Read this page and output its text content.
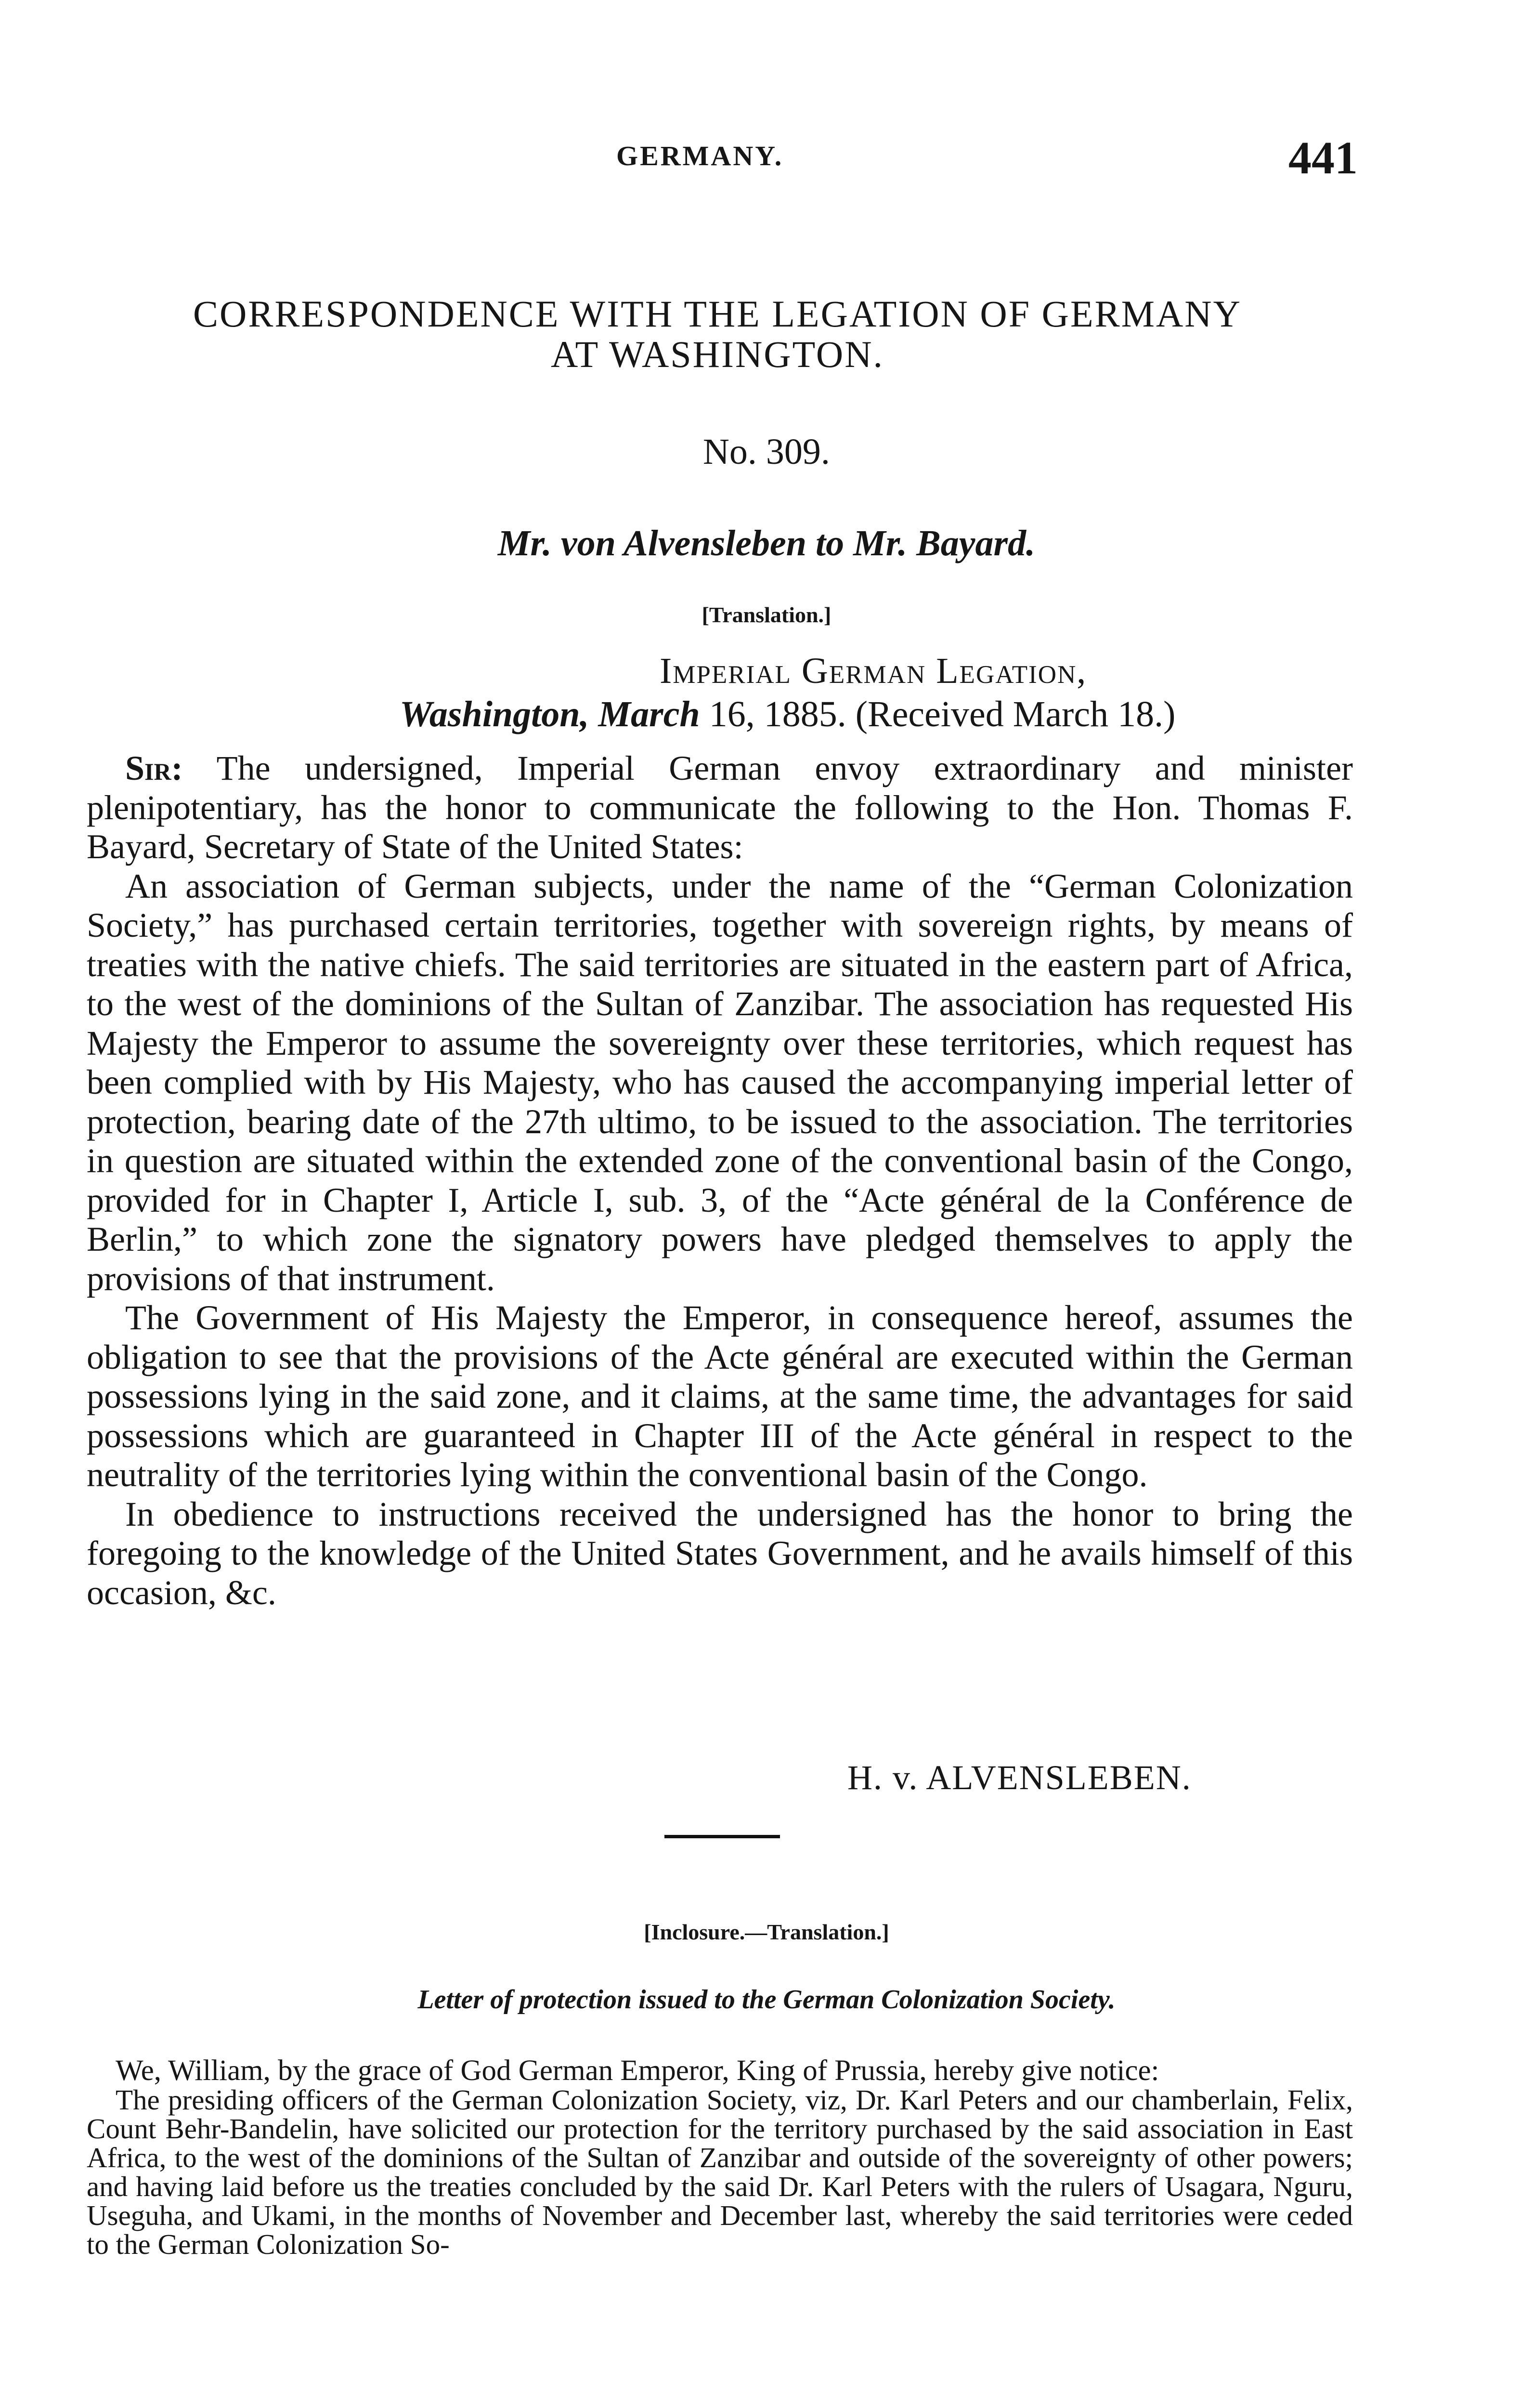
GERMANY.	441
CORRESPONDENCE WITH THE LEGATION OF GERMANY
AT WASHINGTON.
No. 309.
Mr. von Alvensleben to Mr. Bayard.
[Translation.]
Imperial German Legation,
Washington, March 16, 1885. (Received March 18.)

Sir: The undersigned, Imperial German envoy extraordinary and minister plenipotentiary, has the honor to communicate the following to the Hon. Thomas F. Bayard, Secretary of State of the United States:

An association of German subjects, under the name of the “German Colonization Society,” has purchased certain territories, together with sovereign rights, by means of treaties with the native chiefs. The said territories are situated in the eastern part of Africa, to the west of the dominions of the Sultan of Zanzibar. The association has requested His Majesty the Emperor to assume the sovereignty over these territories, which request has been complied with by His Majesty, who has caused the accompanying imperial letter of protection, bearing date of the 27th ultimo, to be issued to the association. The territories in question are situated within the extended zone of the conventional basin of the Congo, provided for in Chapter I, Article I, sub. 3, of the “Acte général de la Conférence de Berlin,” to which zone the signatory powers have pledged themselves to apply the provisions of that instrument.

The Government of His Majesty the Emperor, in consequence hereof, assumes the obligation to see that the provisions of the Acte général are executed within the German possessions lying in the said zone, and it claims, at the same time, the advantages for said possessions which are guaranteed in Chapter III of the Acte général in respect to the neutrality of the territories lying within the conventional basin of the Congo.

In obedience to instructions received the undersigned has the honor to bring the foregoing to the knowledge of the United States Government, and he avails himself of this occasion, &c.

H. v. ALVENSLEBEN.
[Inclosure.—Translation.]
Letter of protection issued to the German Colonization Society.

We, William, by the grace of God German Emperor, King of Prussia, hereby give notice:

The presiding officers of the German Colonization Society, viz, Dr. Karl Peters and our chamberlain, Felix, Count Behr-Bandelin, have solicited our protection for the territory purchased by the said association in East Africa, to the west of the dominions of the Sultan of Zanzibar and outside of the sovereignty of other powers; and having laid before us the treaties concluded by the said Dr. Karl Peters with the rulers of Usagara, Nguru, Useguha, and Ukami, in the months of November and December last, whereby the said territories were ceded to the German Colonization So-
